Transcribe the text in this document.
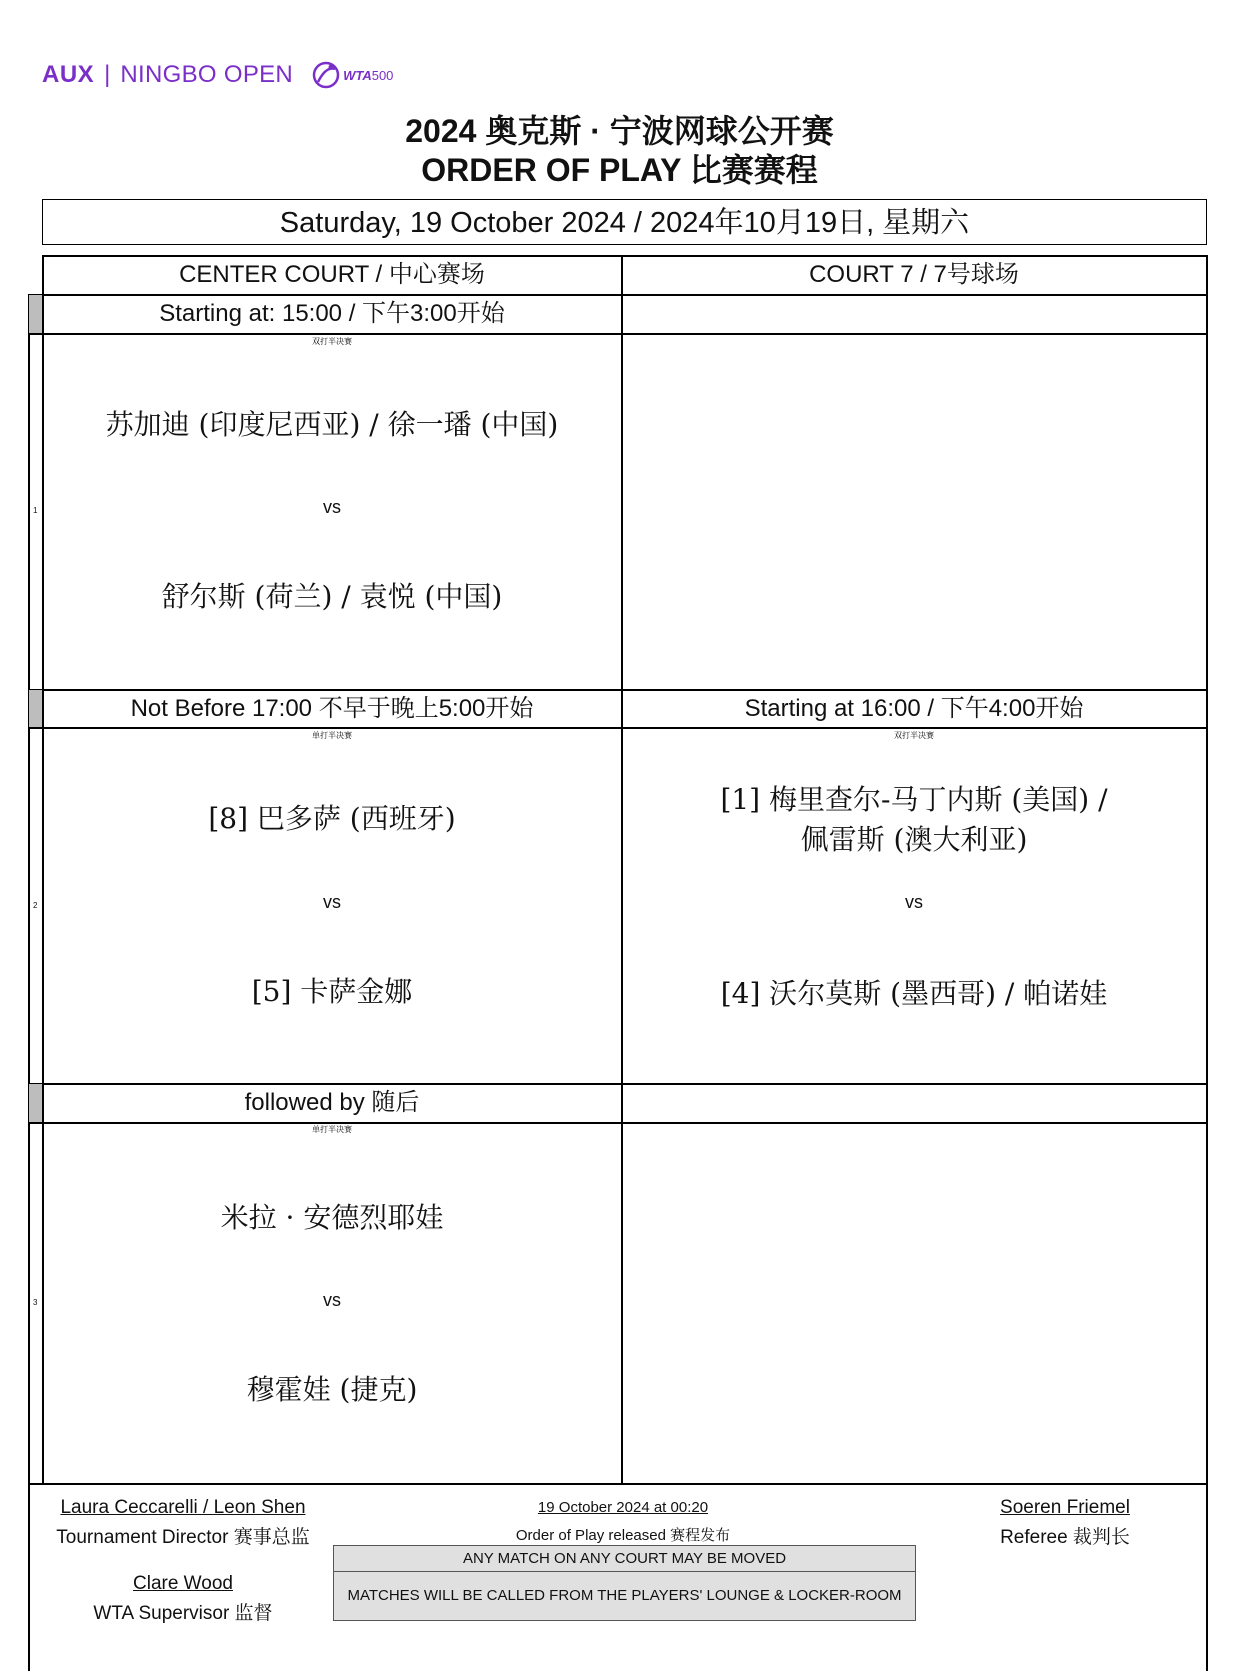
AUX | NINGBO OPEN	WTA 500
2024 奥克斯 · 宁波网球公开赛
ORDER OF PLAY 比赛赛程
Saturday, 19 October 2024 / 2024年10月19日, 星期六
CENTER COURT / 中心赛场	COURT 7 / 7号球场
1
Starting at: 15:00 / 下午3:00开始
双打半决赛
苏加迪 (印度尼西亚) / 徐一璠 (中国)
vs
舒尔斯 (荷兰) / 袁悦 (中国)
2
Not Before 17:00 不早于晚上5:00开始
单打半决赛
[8] 巴多萨 (西班牙)
vs
[5] 卡萨金娜
Starting at 16:00 / 下午4:00开始
双打半决赛
[1] 梅里查尔-马丁内斯 (美国) /
佩雷斯 (澳大利亚)
vs
[4] 沃尔莫斯 (墨西哥) / 帕诺娃
3
followed by 随后
单打半决赛
米拉 · 安德烈耶娃
vs
穆霍娃 (捷克)
Laura Ceccarelli / Leon Shen
Tournament Director 赛事总监
Clare Wood
WTA Supervisor 监督
19 October 2024 at 00:20
Order of Play released 赛程发布
ANY MATCH ON ANY COURT MAY BE MOVED
MATCHES WILL BE CALLED FROM THE PLAYERS' LOUNGE & LOCKER-ROOM
Soeren Friemel
Referee 裁判长
